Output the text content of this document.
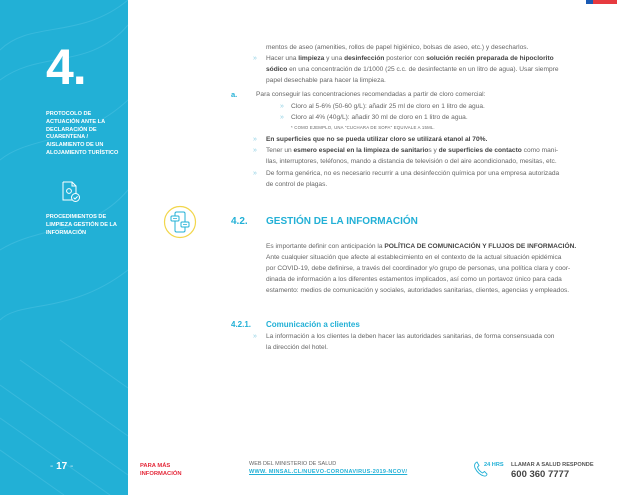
4.
PROTOCOLO DE ACTUACIÓN ANTE LA DECLARACIÓN DE CUARENTENA / AISLAMIENTO DE UN ALOJAMIENTO TURÍSTICO
PROCEDIMIENTOS DE LIMPIEZA GESTIÓN DE LA INFORMACIÓN
- 17 -
mentos de aseo (amenities, rollos de papel higiénico, bolsas de aseo, etc.) y desecharlos.
» Hacer una limpieza y una desinfección posterior con solución recién preparada de hipoclorito
sódico en una concentración de 1/1000 (25 c.c. de desinfectante en un litro de agua). Usar siempre
papel desechable para hacer la limpieza.
a.	Para conseguir las concentraciones recomendadas a partir de cloro comercial:
» Cloro al 5-6% (50-60 g/L): añadir 25 ml de cloro en 1 litro de agua.
» Cloro al 4% (40g/L): añadir 30 ml de cloro en 1 litro de agua.
* COMO EJEMPLO, UNA "CUCHARA DE SOPA" EQUIVALE A 15ML.
» En superficies que no se pueda utilizar cloro se utilizará etanol al 70%.
» Tener un esmero especial en la limpieza de sanitarios y de superficies de contacto como mani-
llas, interruptores, teléfonos, mando a distancia de televisión o del aire acondicionado, mesitas, etc.
» De forma genérica, no es necesario recurrir a una desinfección química por una empresa autorizada
de control de plagas.
4.2. GESTIÓN DE LA INFORMACIÓN
Es importante definir con anticipación la POLÍTICA DE COMUNICACIÓN Y FLUJOS DE INFORMACIÓN.
Ante cualquier situación que afecte al establecimiento en el contexto de la actual situación epidémica
por COVID-19, debe definirse, a través del coordinador y/o grupo de personas, una política clara y coor-
dinada de información a los diferentes estamentos implicados, así como un portavoz único para cada
estamento: medios de comunicación y sociales, autoridades sanitarias, clientes, agencias y empleados.
4.2.1. Comunicación a clientes
» La información a los clientes la deben hacer las autoridades sanitarias, de forma consensuada con
la dirección del hotel.
PARA MÁS
INFORMACIÓN
WEB DEL MINISTERIO DE SALUD
WWW. MINSAL.CL/NUEVO-CORONAVIRUS-2019-NCOV/
24 HRS LLAMAR A SALUD RESPONDE
600 360 7777
